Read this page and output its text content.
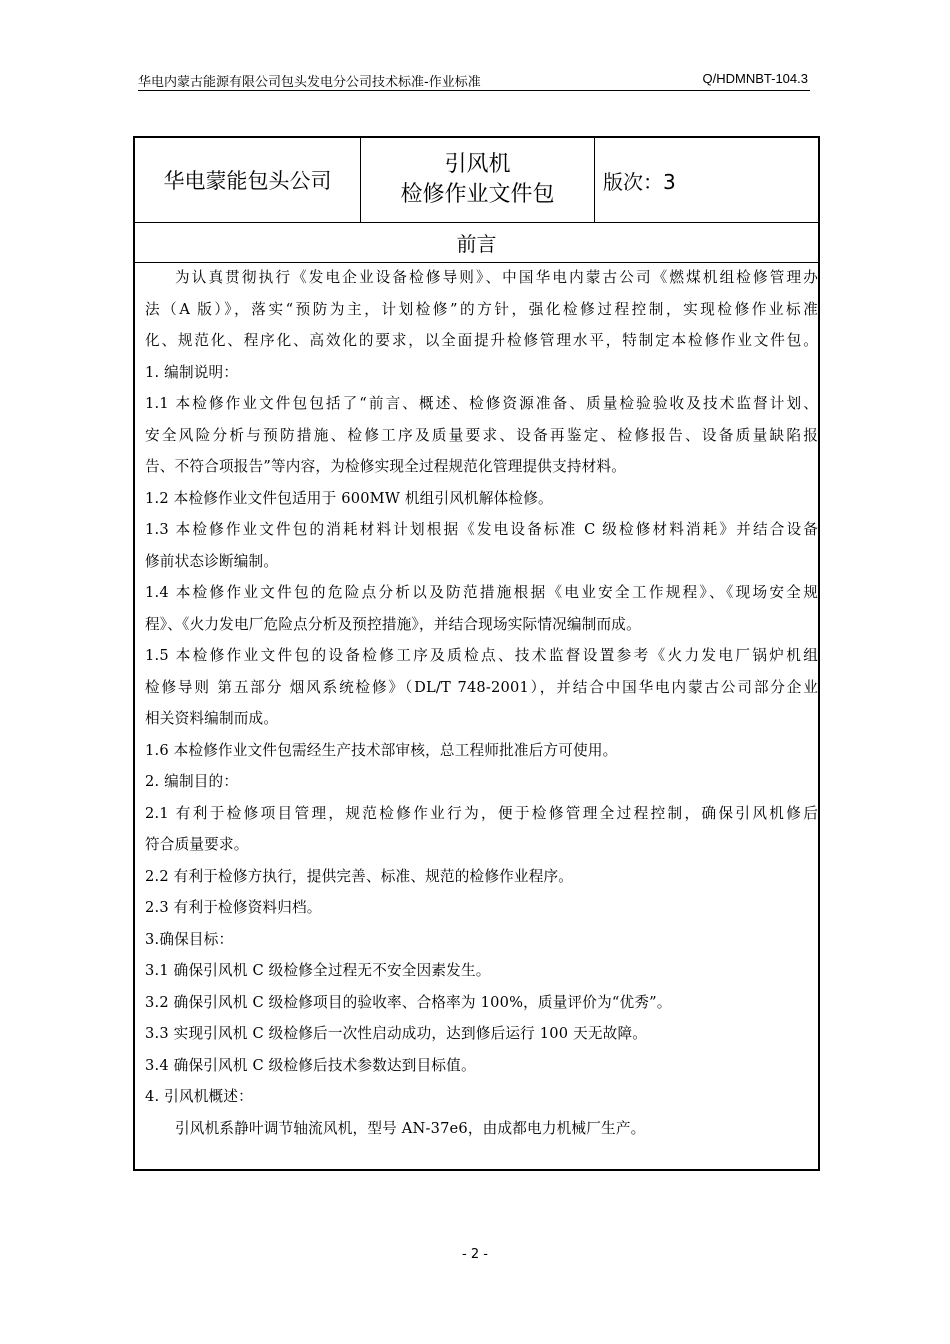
华电内蒙古能源有限公司包头发电分公司技术标准-作业标准	Q/HDMNBT-104.3
华电蒙能包头公司
引风机
检修作业文件包
版次：3
前言
为认真贯彻执行《发电企业设备检修导则》、中国华电内蒙古公司《燃煤机组检修管理办
法（A 版）》，落实“预防为主，计划检修”的方针，强化检修过程控制，实现检修作业标准
化、规范化、程序化、高效化的要求，以全面提升检修管理水平，特制定本检修作业文件包。
1. 编制说明：
1.1 本检修作业文件包包括了“前言、概述、检修资源准备、质量检验验收及技术监督计划、
安全风险分析与预防措施、检修工序及质量要求、设备再鉴定、检修报告、设备质量缺陷报
告、不符合项报告”等内容，为检修实现全过程规范化管理提供支持材料。
1.2 本检修作业文件包适用于 600MW 机组引风机解体检修。
1.3 本检修作业文件包的消耗材料计划根据《发电设备标准 C 级检修材料消耗》并结合设备
修前状态诊断编制。
1.4 本检修作业文件包的危险点分析以及防范措施根据《电业安全工作规程》、《现场安全规
程》、《火力发电厂危险点分析及预控措施》，并结合现场实际情况编制而成。
1.5 本检修作业文件包的设备检修工序及质检点、技术监督设置参考《火力发电厂锅炉机组
检修导则 第五部分 烟风系统检修》（DL/T 748-2001），并结合中国华电内蒙古公司部分企业
相关资料编制而成。
1.6 本检修作业文件包需经生产技术部审核，总工程师批准后方可使用。
2. 编制目的：
2.1 有利于检修项目管理，规范检修作业行为，便于检修管理全过程控制，确保引风机修后
符合质量要求。
2.2 有利于检修方执行，提供完善、标准、规范的检修作业程序。
2.3 有利于检修资料归档。
3.确保目标：
3.1 确保引风机 C 级检修全过程无不安全因素发生。
3.2 确保引风机 C 级检修项目的验收率、合格率为 100%，质量评价为“优秀”。
3.3 实现引风机 C 级检修后一次性启动成功，达到修后运行 100 天无故障。
3.4 确保引风机 C 级检修后技术参数达到目标值。
4. 引风机概述：
引风机系静叶调节轴流风机，型号 AN-37e6，由成都电力机械厂生产。
- 2 -
